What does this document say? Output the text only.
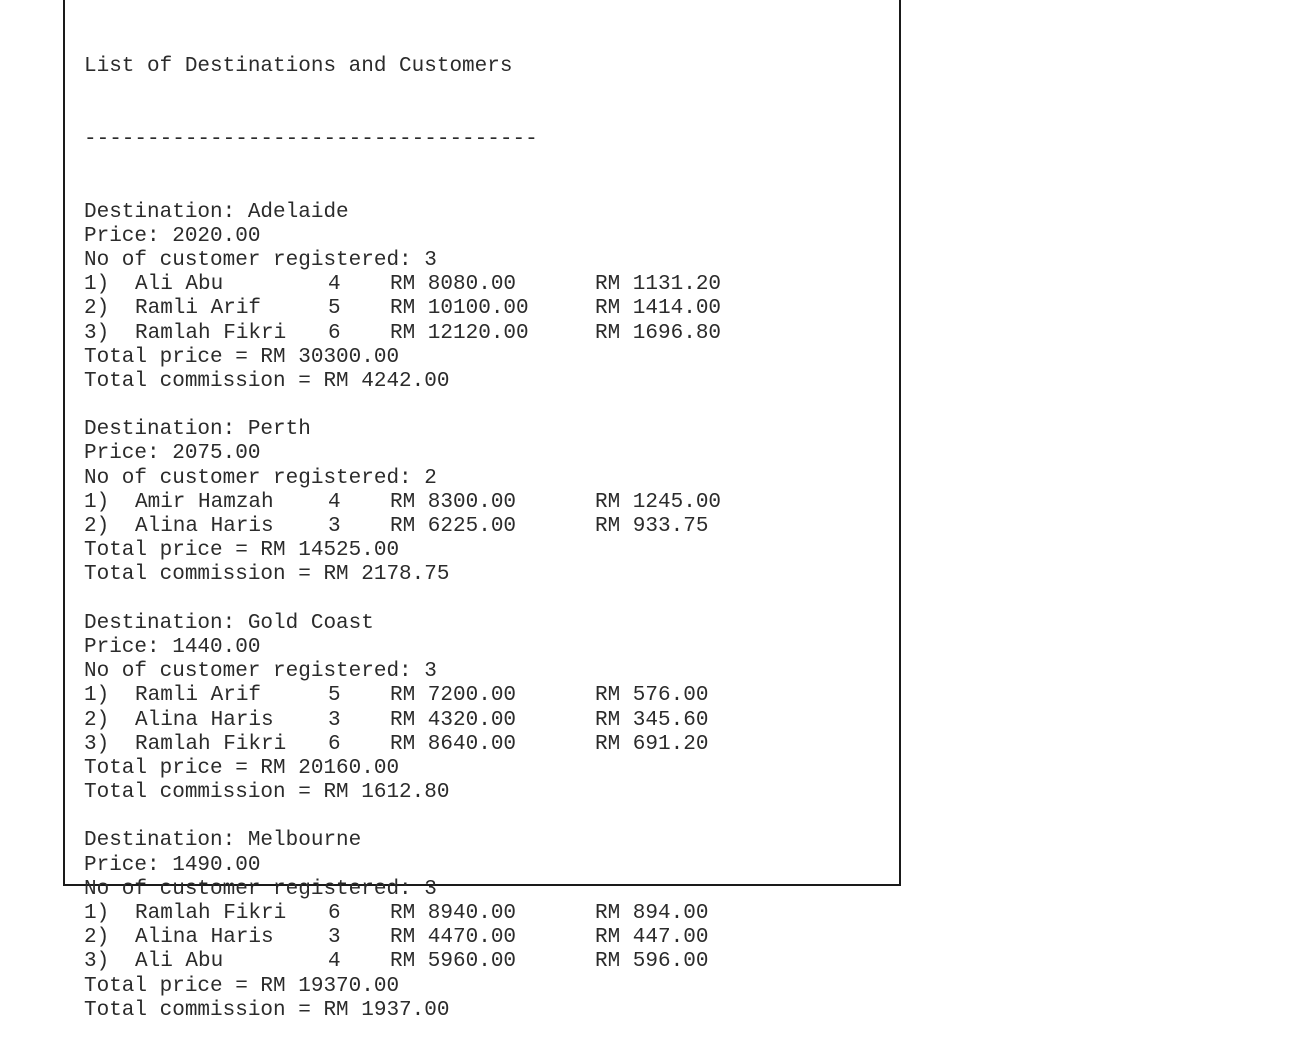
List of Destinations and Customers

------------------------------------

Destination: Adelaide
Price: 2020.00
No of customer registered: 3
1) Ali Abu	4 RM 8080.00	RM 1131.20
2) Ramli Arif	5 RM 10100.00	RM 1414.00
3) Ramlah Fikri 6 RM 12120.00	RM 1696.80
Total price = RM 30300.00
Total commission = RM 4242.00
Destination: Perth
Price: 2075.00
No of customer registered: 2
1) Amir Hamzah	4 RM 8300.00	RM 1245.00
2) Alina Haris	3 RM 6225.00	RM 933.75
Total price = RM 14525.00
Total commission = RM 2178.75
Destination: Gold Coast
Price: 1440.00
No of customer registered: 3
1) Ramli Arif	5 RM 7200.00	RM 576.00
2) Alina Haris	3 RM 4320.00	RM 345.60
3) Ramlah Fikri 6 RM 8640.00	RM 691.20
Total price = RM 20160.00
Total commission = RM 1612.80
Destination: Melbourne
Price: 1490.00
No of customer registered: 3
1) Ramlah Fikri 6 RM 8940.00	RM 894.00
2) Alina Haris	3 RM 4470.00	RM 447.00
3) Ali Abu	4 RM 5960.00	RM 596.00
Total price = RM 19370.00
Total commission = RM 1937.00
